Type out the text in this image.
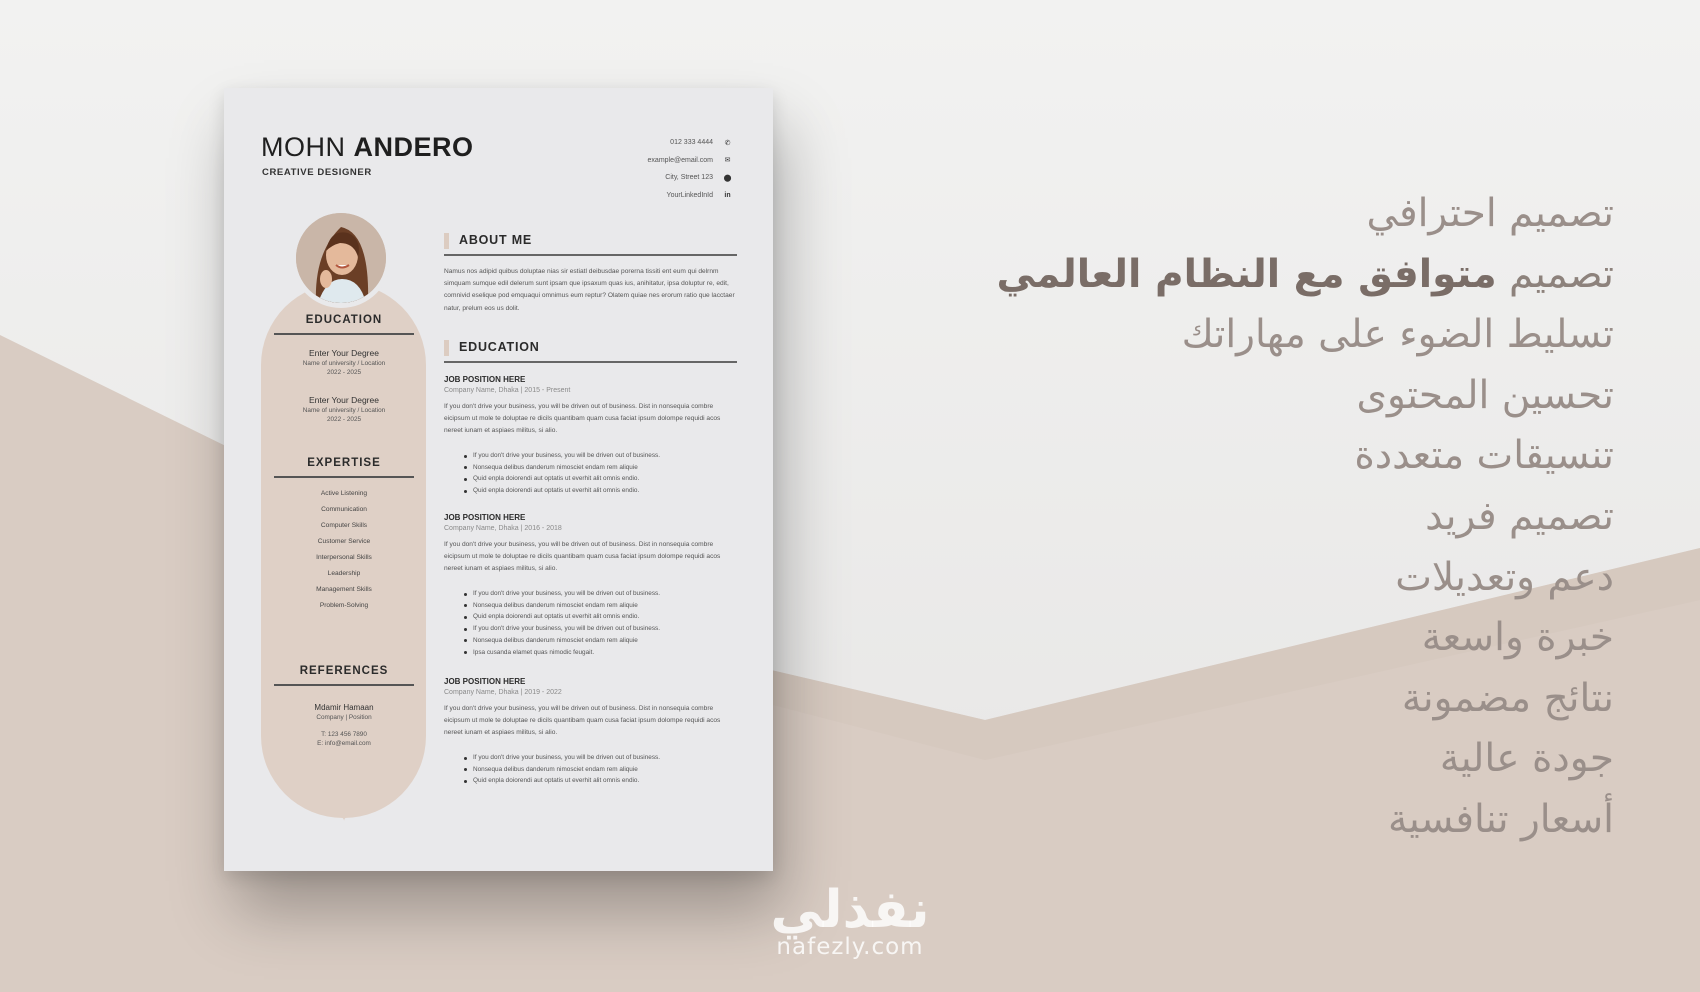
MOHN ANDERO
CREATIVE DESIGNER
012 333 4444	✆
example@email.com	✉
City, Street 123 ⬤
YourLinkedInId	in
✦
EDUCATION
Enter Your Degree
Name of university / Location
2022 - 2025
Enter Your Degree
Name of university / Location
2022 - 2025
EXPERTISE
Active Listening
Communication
Computer Skills
Customer Service
Interpersonal Skills
Leadership
Management Skills
Problem-Solving
REFERENCES
Mdamir Hamaan
Company | Position
T: 123 456 7890
E: info@email.com
ABOUT ME
Namus nos adipid quibus doluptae nias sir estiatl deibusdae porerna tissiti ent eum qui delrnm simquam sumque edil delerum sunt ipsam que ipsaxum quas ius, anihitatur, ipsa doluptur re, edit, comnivid eselique pod emquaqui omnimus eum reptur? Olatem quiae nes erorum ratio que lacctaer natur, prelum eos us dolit.
EDUCATION
JOB POSITION HERE
Company Name, Dhaka | 2015 - Present
If you don't drive your business, you will be driven out of business. Dist in nonsequia combre eicipsum ut mole te doluptae re dicils quantibam quam cusa faciat ipsum dolompe requidi acos nereet iunam et aspiaes militus, si alio.
If you don't drive your business, you will be driven out of business.
Nonsequa delibus danderum nimosciet endam rem aliquie
Quid enpla doiorendi aut optatis ut everhit alit omnis endio.
Quid enpla doiorendi aut optatis ut everhit alit omnis endio.
JOB POSITION HERE
Company Name, Dhaka | 2016 - 2018
If you don't drive your business, you will be driven out of business. Dist in nonsequia combre eicipsum ut mole te doluptae re dicils quantibam quam cusa faciat ipsum dolompe requidi acos nereet iunam et aspiaes militus, si alio.
If you don't drive your business, you will be driven out of business.
Nonsequa delibus danderum nimosciet endam rem aliquie
Quid enpla doiorendi aut optatis ut everhit alit omnis endio.
If you don't drive your business, you will be driven out of business.
Nonsequa delibus danderum nimosciet endam rem aliquie
Ipsa cusanda elamet quas nimodic feugait.
JOB POSITION HERE
Company Name, Dhaka | 2019 - 2022
If you don't drive your business, you will be driven out of business. Dist in nonsequia combre eicipsum ut mole te doluptae re dicils quantibam quam cusa faciat ipsum dolompe requidi acos nereet iunam et aspiaes militus, si alio.
If you don't drive your business, you will be driven out of business.
Nonsequa delibus danderum nimosciet endam rem aliquie
Quid enpla doiorendi aut optatis ut everhit alit omnis endio.
تصميم احترافي
تصميم متوافق مع النظام العالمي
تسليط الضوء على مهاراتك
تحسين المحتوى
تنسيقات متعددة
تصميم فريد
دعم وتعديلات
خبرة واسعة
نتائج مضمونة
جودة عالية
أسعار تنافسية
نفذلي
nafezly.com
